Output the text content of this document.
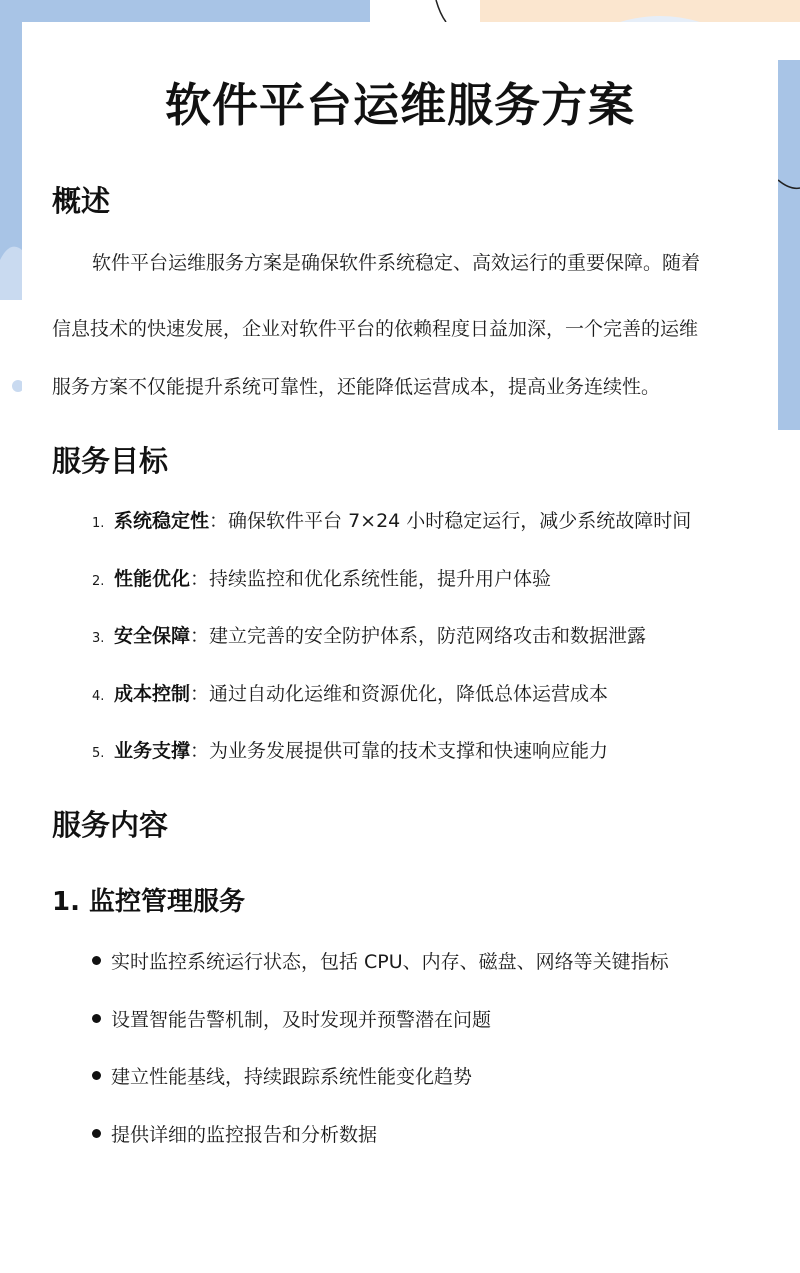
软件平台运维服务方案
概述

软件平台运维服务方案是确保软件系统稳定、高效运行的重要保障。随着

信息技术的快速发展，企业对软件平台的依赖程度日益加深，一个完善的运维

服务方案不仅能提升系统可靠性，还能降低运营成本，提高业务连续性。

服务目标
1. 系统稳定性：确保软件平台 7×24 小时稳定运行，减少系统故障时间
2. 性能优化：持续监控和优化系统性能，提升用户体验
3. 安全保障：建立完善的安全防护体系，防范网络攻击和数据泄露
4. 成本控制：通过自动化运维和资源优化，降低总体运营成本
5. 业务支撑：为业务发展提供可靠的技术支撑和快速响应能力
服务内容
1. 监控管理服务
实时监控系统运行状态，包括 CPU、内存、磁盘、网络等关键指标
设置智能告警机制，及时发现并预警潜在问题
建立性能基线，持续跟踪系统性能变化趋势
提供详细的监控报告和分析数据
